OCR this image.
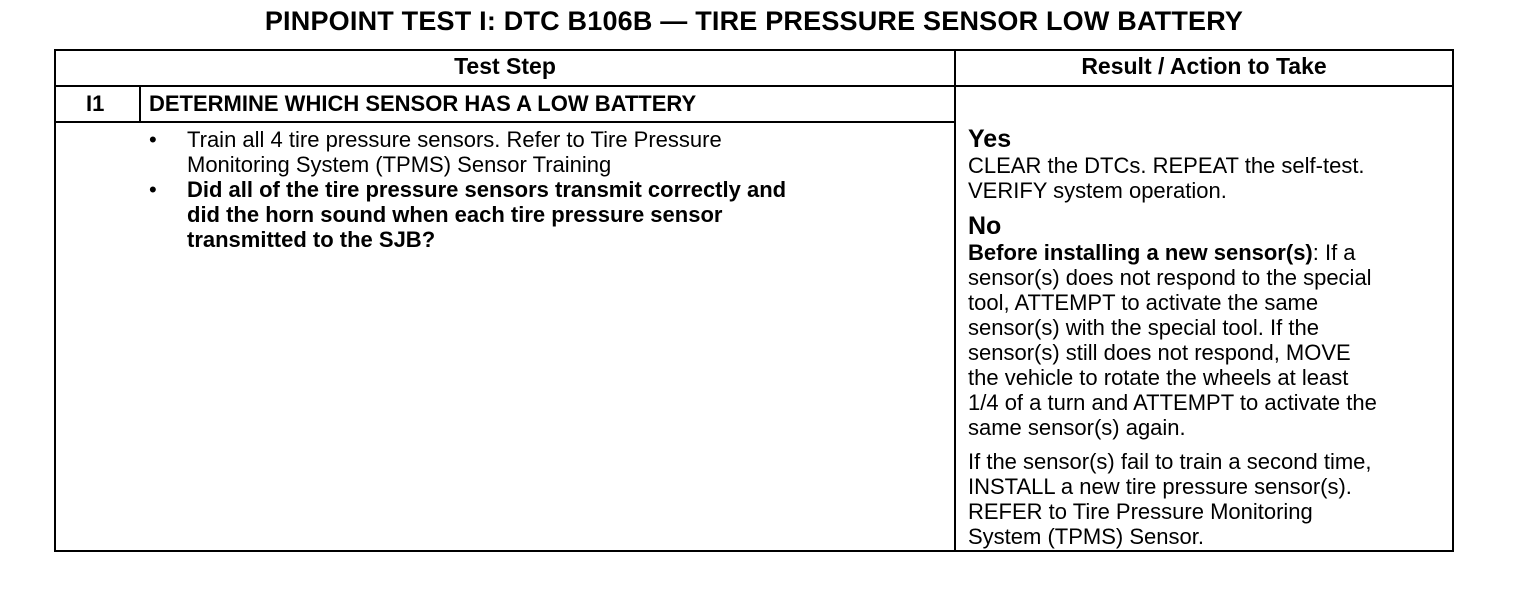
PINPOINT TEST I: DTC B106B — TIRE PRESSURE SENSOR LOW BATTERY
Test Step	Result / Action to Take
I1 DETERMINE WHICH SENSOR HAS A LOW BATTERY
• Train all 4 tire pressure sensors. Refer to Tire Pressure
Monitoring System (TPMS) Sensor Training
• Did all of the tire pressure sensors transmit correctly and
did the horn sound when each tire pressure sensor
transmitted to the SJB?
Yes
CLEAR the DTCs. REPEAT the self-test.
VERIFY system operation.
No
Before installing a new sensor(s): If a
sensor(s) does not respond to the special
tool, ATTEMPT to activate the same
sensor(s) with the special tool. If the
sensor(s) still does not respond, MOVE
the vehicle to rotate the wheels at least
1/4 of a turn and ATTEMPT to activate the
same sensor(s) again.
If the sensor(s) fail to train a second time,
INSTALL a new tire pressure sensor(s).
REFER to Tire Pressure Monitoring
System (TPMS) Sensor.
